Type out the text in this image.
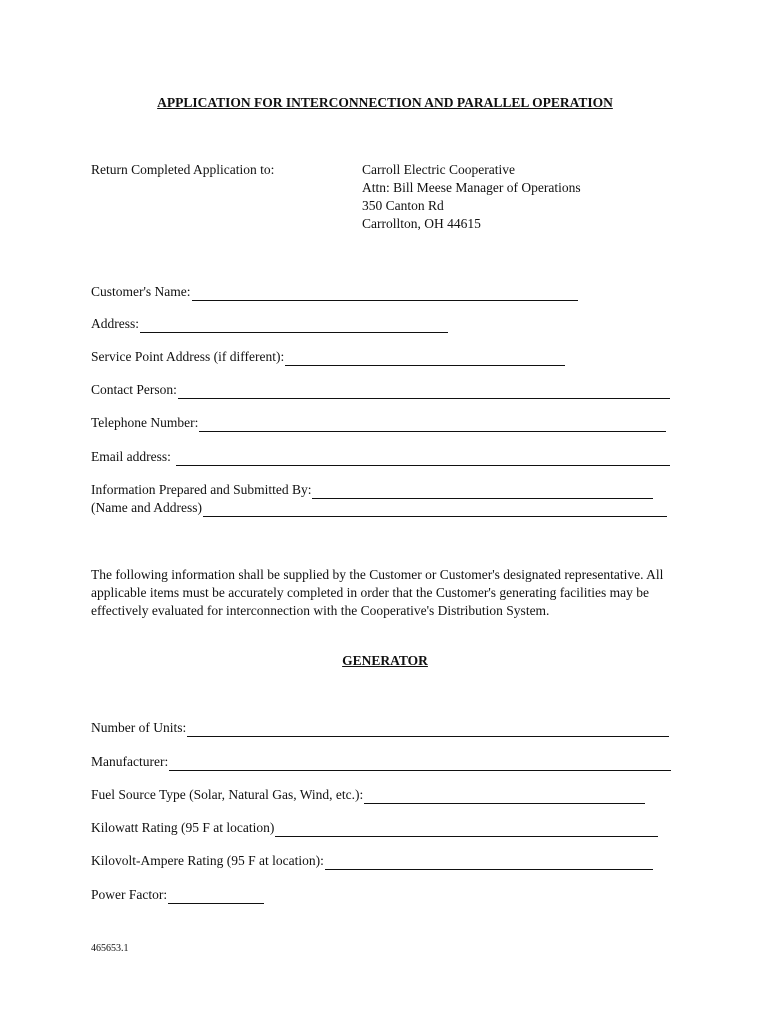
APPLICATION FOR INTERCONNECTION AND PARALLEL OPERATION
Return Completed Application to:	Carroll Electric Cooperative
Attn: Bill Meese Manager of Operations
350 Canton Rd
Carrollton, OH 44615
Customer's Name:
Address:
Service Point Address (if different):
Contact Person:
Telephone Number:
Email address:
Information Prepared and Submitted By:
(Name and Address)
The following information shall be supplied by the Customer or Customer's designated representative. All applicable items must be accurately completed in order that the Customer's generating facilities may be effectively evaluated for interconnection with the Cooperative's Distribution System.
GENERATOR
Number of Units:
Manufacturer:
Fuel Source Type (Solar, Natural Gas, Wind, etc.):
Kilowatt Rating (95 F at location)
Kilovolt-Ampere Rating (95 F at location):
Power Factor:
465653.1
